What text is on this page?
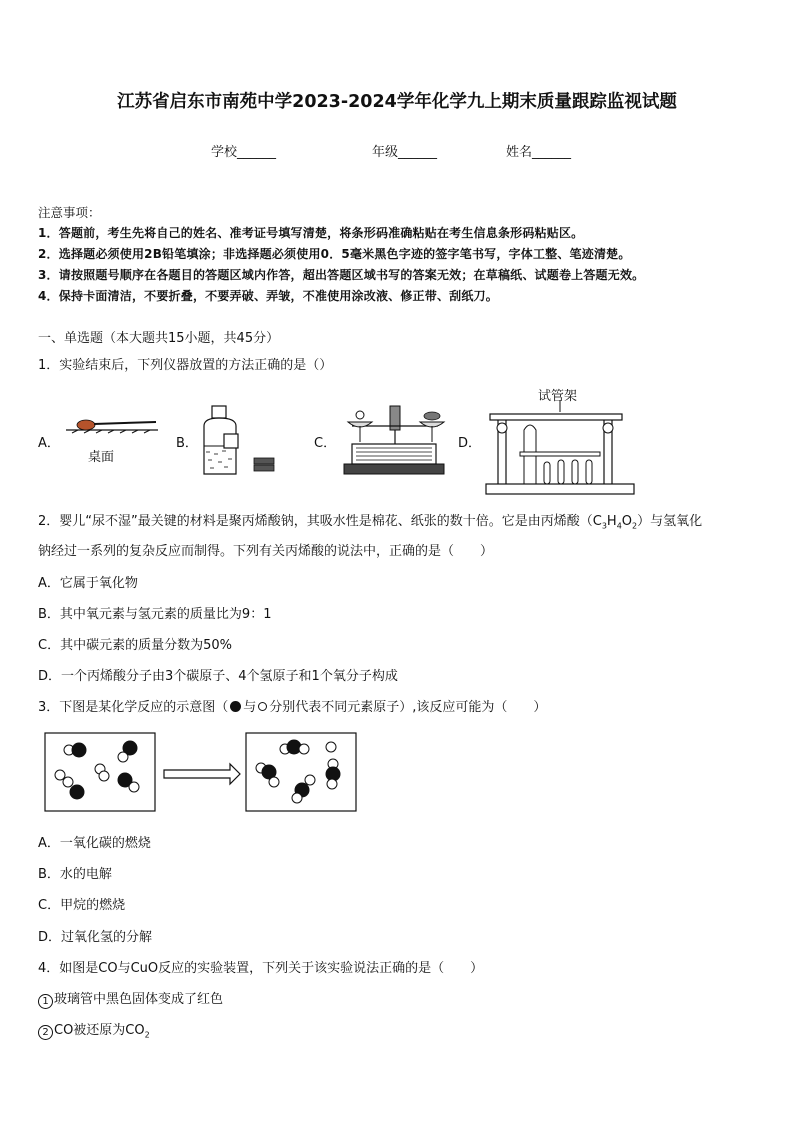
江苏省启东市南苑中学2023-2024学年化学九上期末质量跟踪监视试题
学校______	年级______	姓名______
注意事项：
1．答题前，考生先将自己的姓名、准考证号填写清楚，将条形码准确粘贴在考生信息条形码粘贴区。
2．选择题必须使用2B铅笔填涂；非选择题必须使用0．5毫米黑色字迹的签字笔书写，字体工整、笔迹清楚。
3．请按照题号顺序在各题目的答题区域内作答，超出答题区域书写的答案无效；在草稿纸、试题卷上答题无效。
4．保持卡面清洁，不要折叠，不要弄破、弄皱，不准使用涂改液、修正带、刮纸刀。
一、单选题（本大题共15小题，共45分）
1．实验结束后，下列仪器放置的方法正确的是（）
A．
桌面
B．	C．	D．
试管架
2．婴儿“尿不湿”最关键的材料是聚丙烯酸钠，其吸水性是棉花、纸张的数十倍。它是由丙烯酸$(C_3H_4O_2)$与氢氧化
钠经过一系列的复杂反应而制得。下列有关丙烯酸的说法中，正确的是（　　）
A．它属于氧化物
B．其中氧元素与氢元素的质量比为9：1
C．其中碳元素的质量分数为50%
D．一个丙烯酸分子由3个碳原子、4个氢原子和1个氧分子构成
3．下图是某化学反应的示意图（ 与 分别代表不同元素原子）,该反应可能为（　　）
A．一氧化碳的燃烧
B．水的电解
C．甲烷的燃烧
D．过氧化氢的分解
4．如图是CO与CuO反应的实验装置，下列关于该实验说法正确的是（　　）
1 玻璃管中黑色固体变成了红色
2 CO被还原为$CO_2$
